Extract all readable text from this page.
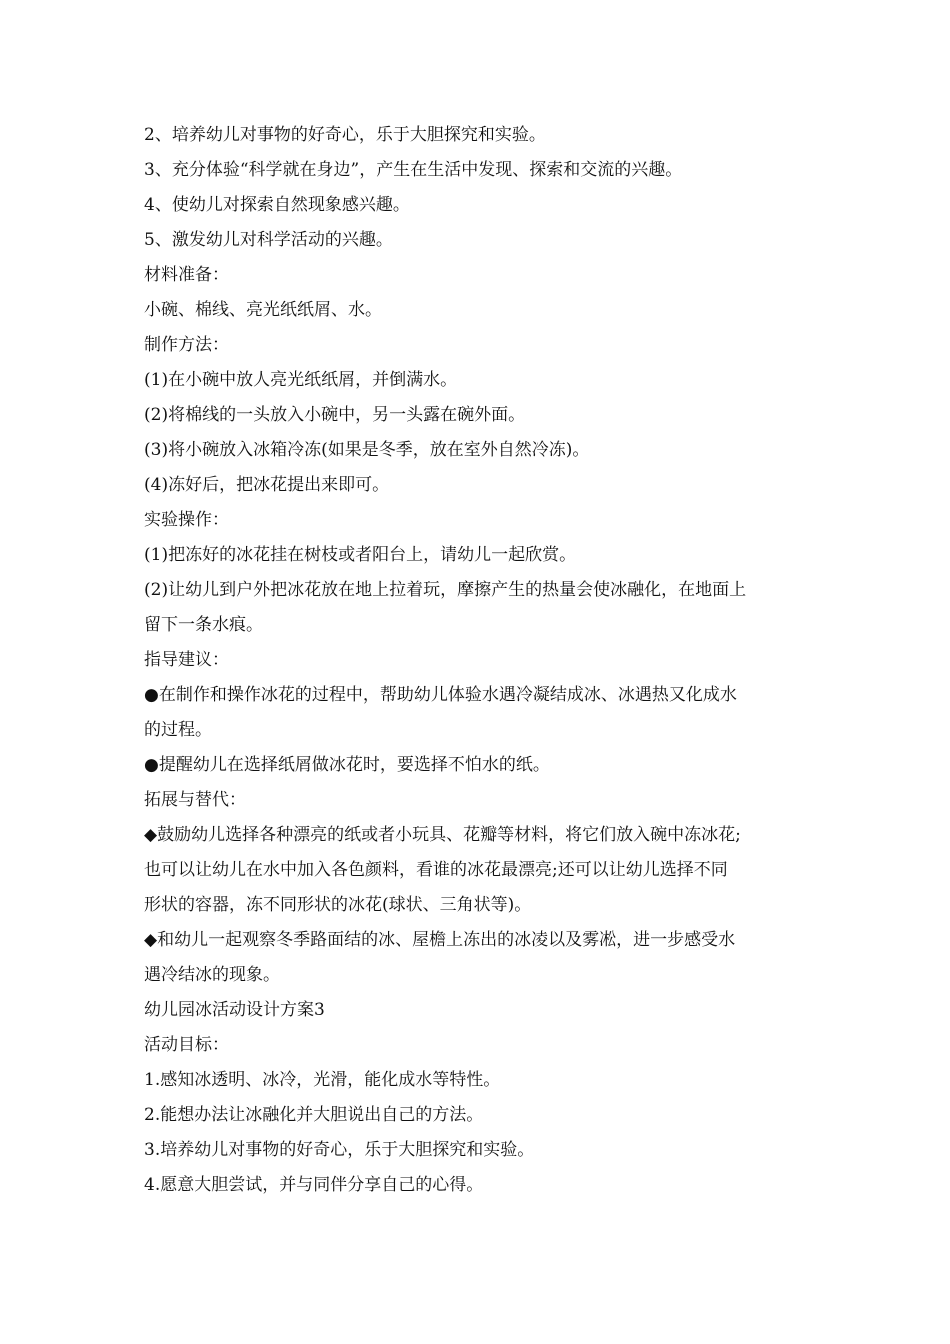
2、培养幼儿对事物的好奇心，乐于大胆探究和实验。

3、充分体验“科学就在身边”，产生在生活中发现、探索和交流的兴趣。

4、使幼儿对探索自然现象感兴趣。

5、激发幼儿对科学活动的兴趣。

材料准备：

小碗、棉线、亮光纸纸屑、水。

制作方法：

(1)在小碗中放人亮光纸纸屑，并倒满水。

(2)将棉线的一头放入小碗中，另一头露在碗外面。

(3)将小碗放入冰箱冷冻(如果是冬季，放在室外自然冷冻)。

(4)冻好后，把冰花提出来即可。

实验操作：

(1)把冻好的冰花挂在树枝或者阳台上，请幼儿一起欣赏。

(2)让幼儿到户外把冰花放在地上拉着玩，摩擦产生的热量会使冰融化，在地面上

留下一条水痕。

指导建议：

●在制作和操作冰花的过程中，帮助幼儿体验水遇冷凝结成冰、冰遇热又化成水

的过程。

●提醒幼儿在选择纸屑做冰花时，要选择不怕水的纸。

拓展与替代：

◆鼓励幼儿选择各种漂亮的纸或者小玩具、花瓣等材料，将它们放入碗中冻冰花;

也可以让幼儿在水中加入各色颜料，看谁的冰花最漂亮;还可以让幼儿选择不同

形状的容器，冻不同形状的冰花(球状、三角状等)。

◆和幼儿一起观察冬季路面结的冰、屋檐上冻出的冰凌以及雾凇，进一步感受水

遇冷结冰的现象。

幼儿园冰活动设计方案3

活动目标：

1.感知冰透明、冰冷，光滑，能化成水等特性。

2.能想办法让冰融化并大胆说出自己的方法。

3.培养幼儿对事物的好奇心，乐于大胆探究和实验。

4.愿意大胆尝试，并与同伴分享自己的心得。
